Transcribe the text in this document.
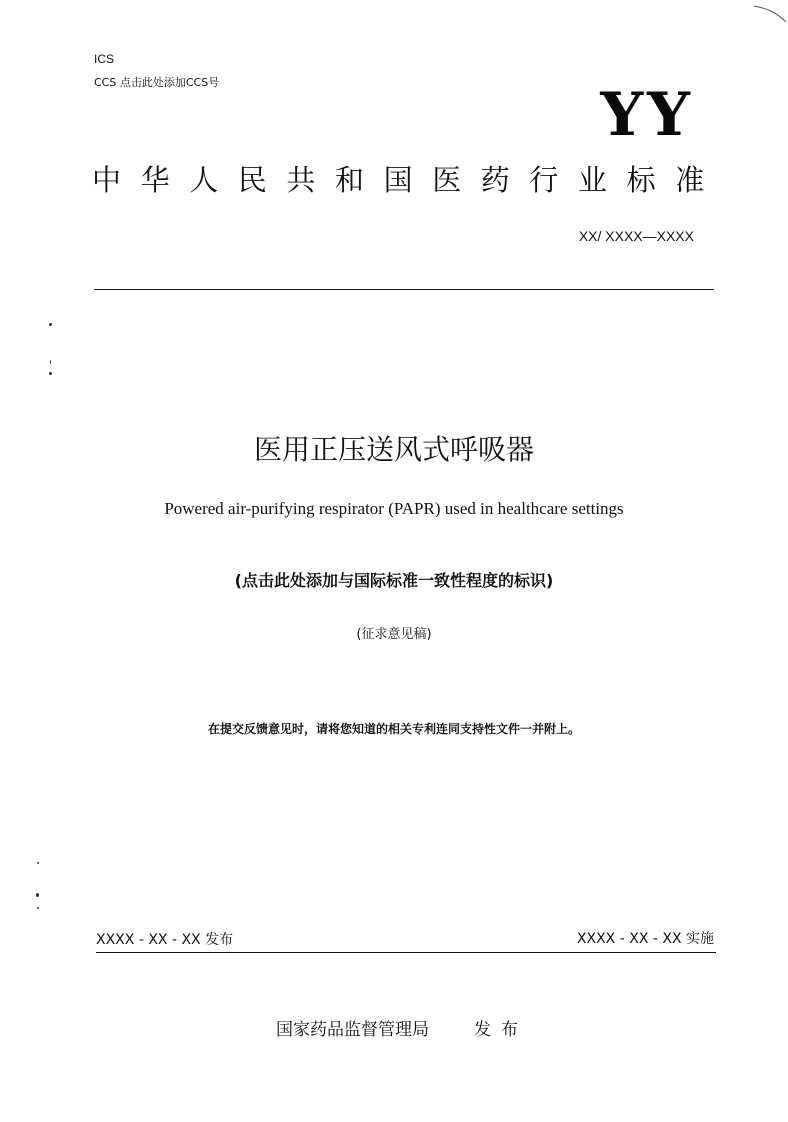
ICS
CCS 点击此处添加CCS号	YY
中华人民共和国医药行业标准
XX/ XXXX—XXXX
医用正压送风式呼吸器
Powered air-purifying respirator (PAPR) used in healthcare settings
(点击此处添加与国际标准一致性程度的标识)
(征求意见稿)
在提交反馈意见时，请将您知道的相关专利连同支持性文件一并附上。
XXXX - XX - XX 发布	XXXX - XX - XX 实施
国家药品监督管理局	发布
